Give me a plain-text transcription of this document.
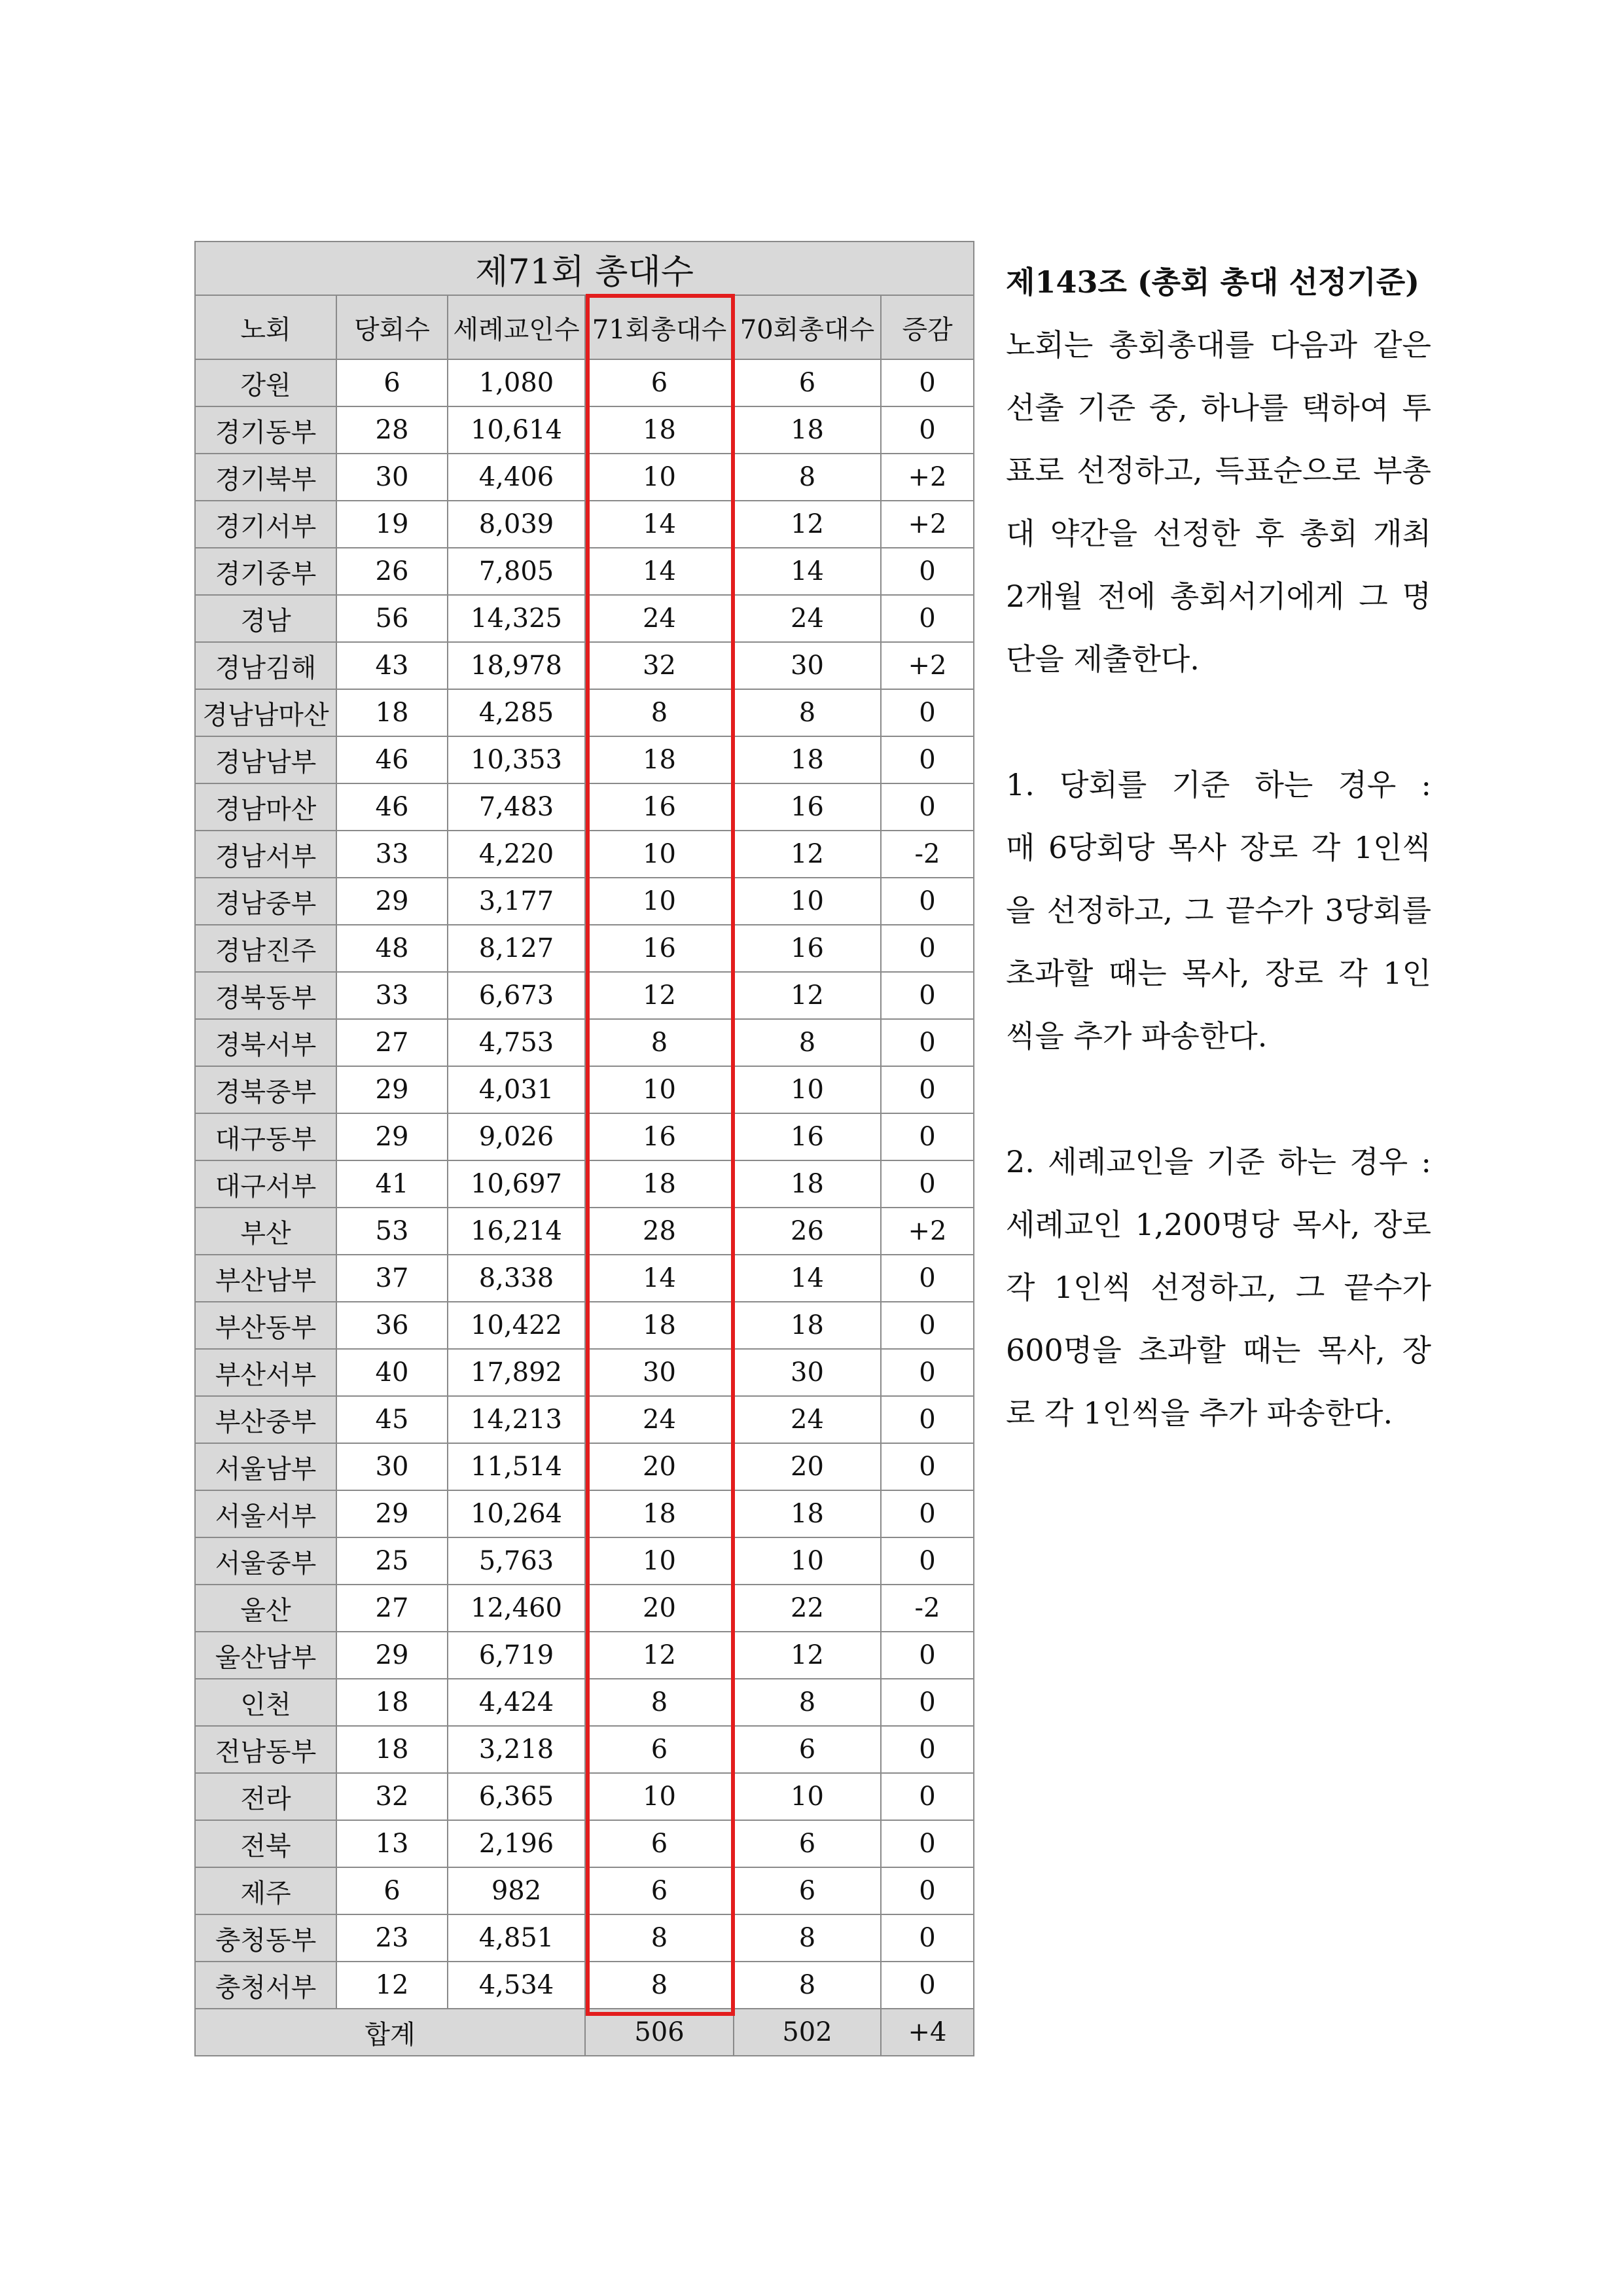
제71회 총대수					
노회	당회수	세례교인수	71회총대수	70회총대수	증감
강원	6	1,080	6	6	0
경기동부	28	10,614	18	18	0
경기북부	30	4,406	10	8	+2
경기서부	19	8,039	14	12	+2
경기중부	26	7,805	14	14	0
경남	56	14,325	24	24	0
경남김해	43	18,978	32	30	+2
경남남마산	18	4,285	8	8	0
경남남부	46	10,353	18	18	0
경남마산	46	7,483	16	16	0
경남서부	33	4,220	10	12	-2
경남중부	29	3,177	10	10	0
경남진주	48	8,127	16	16	0
경북동부	33	6,673	12	12	0
경북서부	27	4,753	8	8	0
경북중부	29	4,031	10	10	0
대구동부	29	9,026	16	16	0
대구서부	41	10,697	18	18	0
부산	53	16,214	28	26	+2
부산남부	37	8,338	14	14	0
부산동부	36	10,422	18	18	0
부산서부	40	17,892	30	30	0
부산중부	45	14,213	24	24	0
서울남부	30	11,514	20	20	0
서울서부	29	10,264	18	18	0
서울중부	25	5,763	10	10	0
울산	27	12,460	20	22	-2
울산남부	29	6,719	12	12	0
인천	18	4,424	8	8	0
전남동부	18	3,218	6	6	0
전라	32	6,365	10	10	0
전북	13	2,196	6	6	0
제주	6	982	6	6	0
충청동부	23	4,851	8	8	0
충청서부	12	4,534	8	8	0
합계			506	502	+4
제143조 (총회 총대 선정기준)
노회는 총회총대를 다음과 같은
선출 기준 중, 하나를 택하여 투
표로 선정하고, 득표순으로 부총
대 약간을 선정한 후 총회 개최
2개월 전에 총회서기에게 그 명
단을 제출한다.
1. 당회를 기준 하는 경우 :
매 6당회당 목사 장로 각 1인씩
을 선정하고, 그 끝수가 3당회를
초과할 때는 목사, 장로 각 1인
씩을 추가 파송한다.
2. 세례교인을 기준 하는 경우 :
세례교인 1,200명당 목사, 장로
각 1인씩 선정하고, 그 끝수가
600명을 초과할 때는 목사, 장
로 각 1인씩을 추가 파송한다.
